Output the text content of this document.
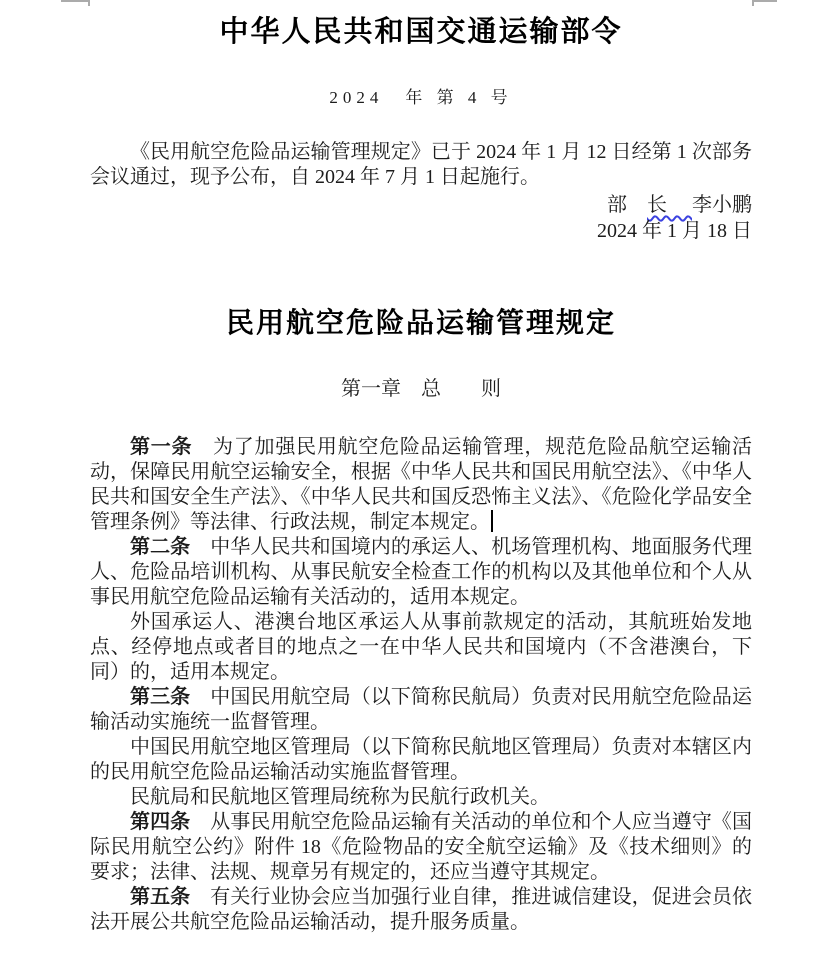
中华人民共和国交通运输部令
2024　年 第 4 号

《民用航空危险品运输管理规定》已于 2024 年 1 月 12 日经第 1 次部务会议通过，现予公布，自 2024 年 7 月 1 日起施行。

部　长　 李小鹏
2024 年 1 月 18 日
民用航空危险品运输管理规定
第一章　总　　则

第一条　为了加强民用航空危险品运输管理，规范危险品航空运输活动，保障民用航空运输安全，根据《中华人民共和国民用航空法》、《中华人民共和国安全生产法》、《中华人民共和国反恐怖主义法》、《危险化学品安全管理条例》等法律、行政法规，制定本规定。

第二条　中华人民共和国境内的承运人、机场管理机构、地面服务代理人、危险品培训机构、从事民航安全检查工作的机构以及其他单位和个人从事民用航空危险品运输有关活动的，适用本规定。

外国承运人、港澳台地区承运人从事前款规定的活动，其航班始发地点、经停地点或者目的地点之一在中华人民共和国境内（不含港澳台，下同）的，适用本规定。

第三条　中国民用航空局（以下简称民航局）负责对民用航空危险品运输活动实施统一监督管理。

中国民用航空地区管理局（以下简称民航地区管理局）负责对本辖区内的民用航空危险品运输活动实施监督管理。

民航局和民航地区管理局统称为民航行政机关。

第四条　从事民用航空危险品运输有关活动的单位和个人应当遵守《国际民用航空公约》附件 18《危险物品的安全航空运输》及《技术细则》的要求；法律、法规、规章另有规定的，还应当遵守其规定。

第五条　有关行业协会应当加强行业自律，推进诚信建设，促进会员依法开展公共航空危险品运输活动，提升服务质量。
